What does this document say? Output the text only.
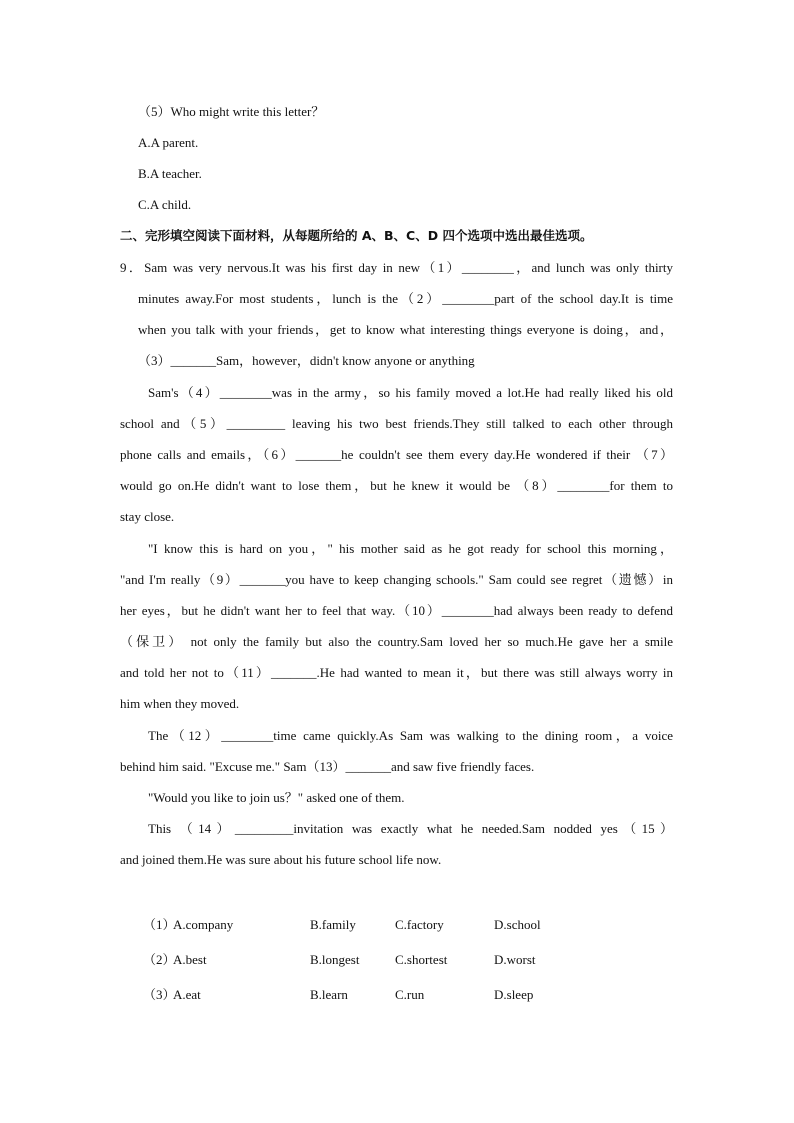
（5）Who might write this letter？
A.A parent.
B.A teacher.
C.A child.
二、完形填空阅读下面材料，从每题所给的 A、B、C、D 四个选项中选出最佳选项。
9．Sam was very nervous.It was his first day in new（1）________，and lunch was only thirty
minutes away.For most students，lunch is the（2）________part of the school day.It is time
when you talk with your friends，get to know what interesting things everyone is doing，and，
（3）_______Sam，however，didn't know anyone or anything
Sam's（4）________was in the army，so his family moved a lot.He had really liked his old
school and（5）_________ leaving his two best friends.They still talked to each other through
phone calls and emails，（6）_______he couldn't see them every day.He wondered if their （7）
would go on.He didn't want to lose them，but he knew it would be （8）________for them to
stay close.
"I know this is hard on you，" his mother said as he got ready for school this morning，
"and I'm really（9）_______you have to keep changing schools." Sam could see regret（遗憾）in
her eyes，but he didn't want her to feel that way.（10）________had always been ready to defend
（保卫） not only the family but also the country.Sam loved her so much.He gave her a smile
and told her not to（11）_______.He had wanted to mean it，but there was still always worry in
him when they moved.
The（12）________time came quickly.As Sam was walking to the dining room，a voice
behind him said. "Excuse me." Sam（13）_______and saw five friendly faces.
"Would you like to join us？" asked one of them.
This （14）_________invitation was exactly what he needed.Sam nodded yes（15）
and joined them.He was sure about his future school life now.
（1）
A.company	B.family	C.factory	D.school
（2）
A.best	B.longest	C.shortest	D.worst
（3）
A.eat	B.learn	C.run	D.sleep
